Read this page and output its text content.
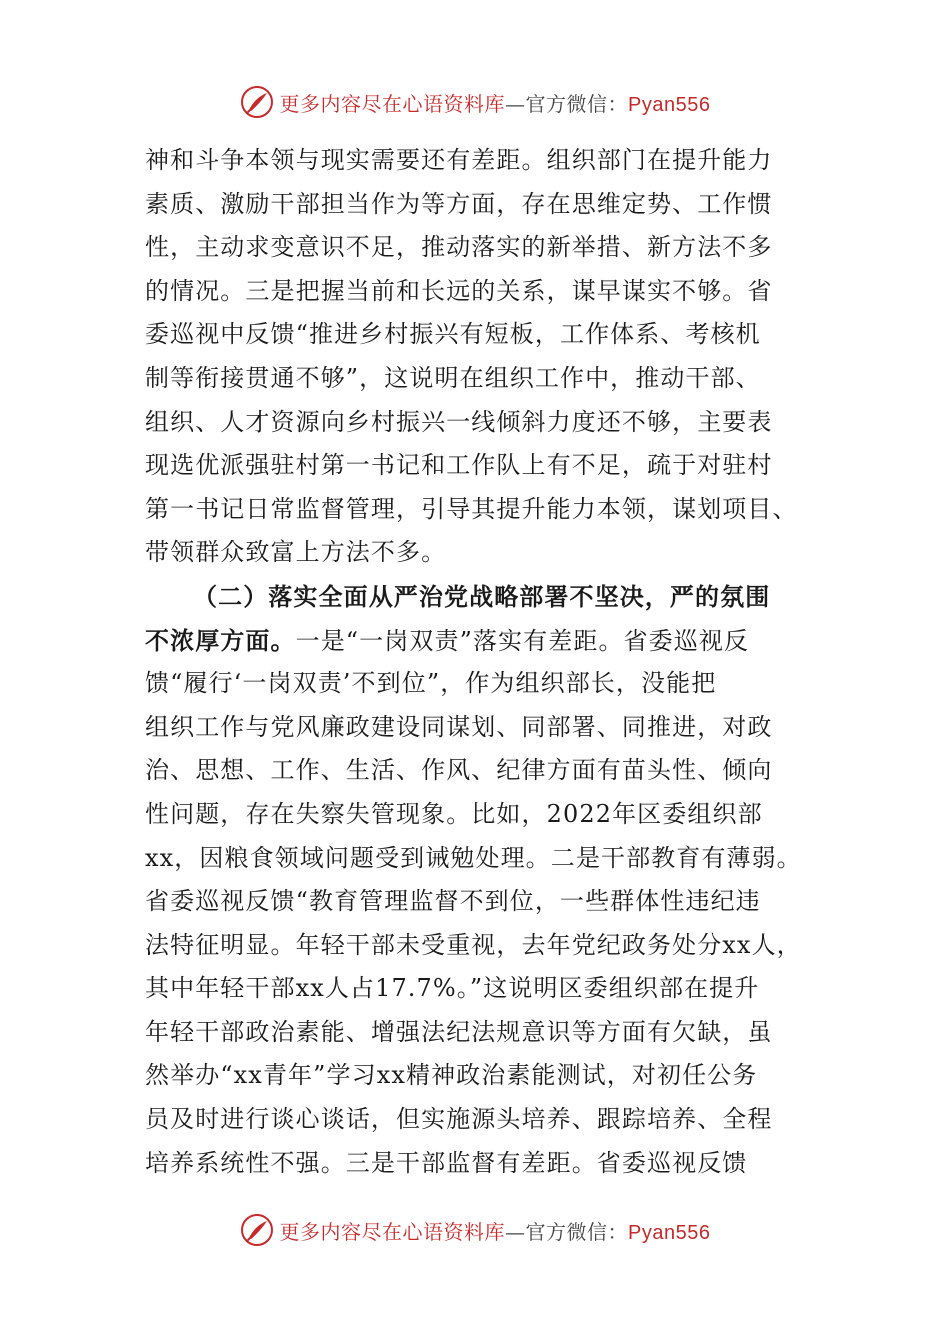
更多内容尽在心语资料库—官方微信：Pyan556
神和斗争本领与现实需要还有差距。组织部门在提升能力
素质、激励干部担当作为等方面，存在思维定势、工作惯
性，主动求变意识不足，推动落实的新举措、新方法不多
的情况。三是把握当前和长远的关系，谋早谋实不够。省
委巡视中反馈“推进乡村振兴有短板，工作体系、考核机
制等衔接贯通不够”，这说明在组织工作中，推动干部、
组织、人才资源向乡村振兴一线倾斜力度还不够，主要表
现选优派强驻村第一书记和工作队上有不足，疏于对驻村
第一书记日常监督管理，引导其提升能力本领，谋划项目、
带领群众致富上方法不多。
（二）落实全面从严治党战略部署不坚决，严的氛围
不浓厚方面。一是“一岗双责”落实有差距。省委巡视反
馈“履行‘一岗双责’不到位”，作为组织部长，没能把
组织工作与党风廉政建设同谋划、同部署、同推进，对政
治、思想、工作、生活、作风、纪律方面有苗头性、倾向
性问题，存在失察失管现象。比如，2022年区委组织部
xx，因粮食领域问题受到诫勉处理。二是干部教育有薄弱。
省委巡视反馈“教育管理监督不到位，一些群体性违纪违
法特征明显。年轻干部未受重视，去年党纪政务处分xx人，
其中年轻干部xx人占17.7%。”这说明区委组织部在提升
年轻干部政治素能、增强法纪法规意识等方面有欠缺，虽
然举办“xx青年”学习xx精神政治素能测试，对初任公务
员及时进行谈心谈话，但实施源头培养、跟踪培养、全程
培养系统性不强。三是干部监督有差距。省委巡视反馈
更多内容尽在心语资料库—官方微信：Pyan556
